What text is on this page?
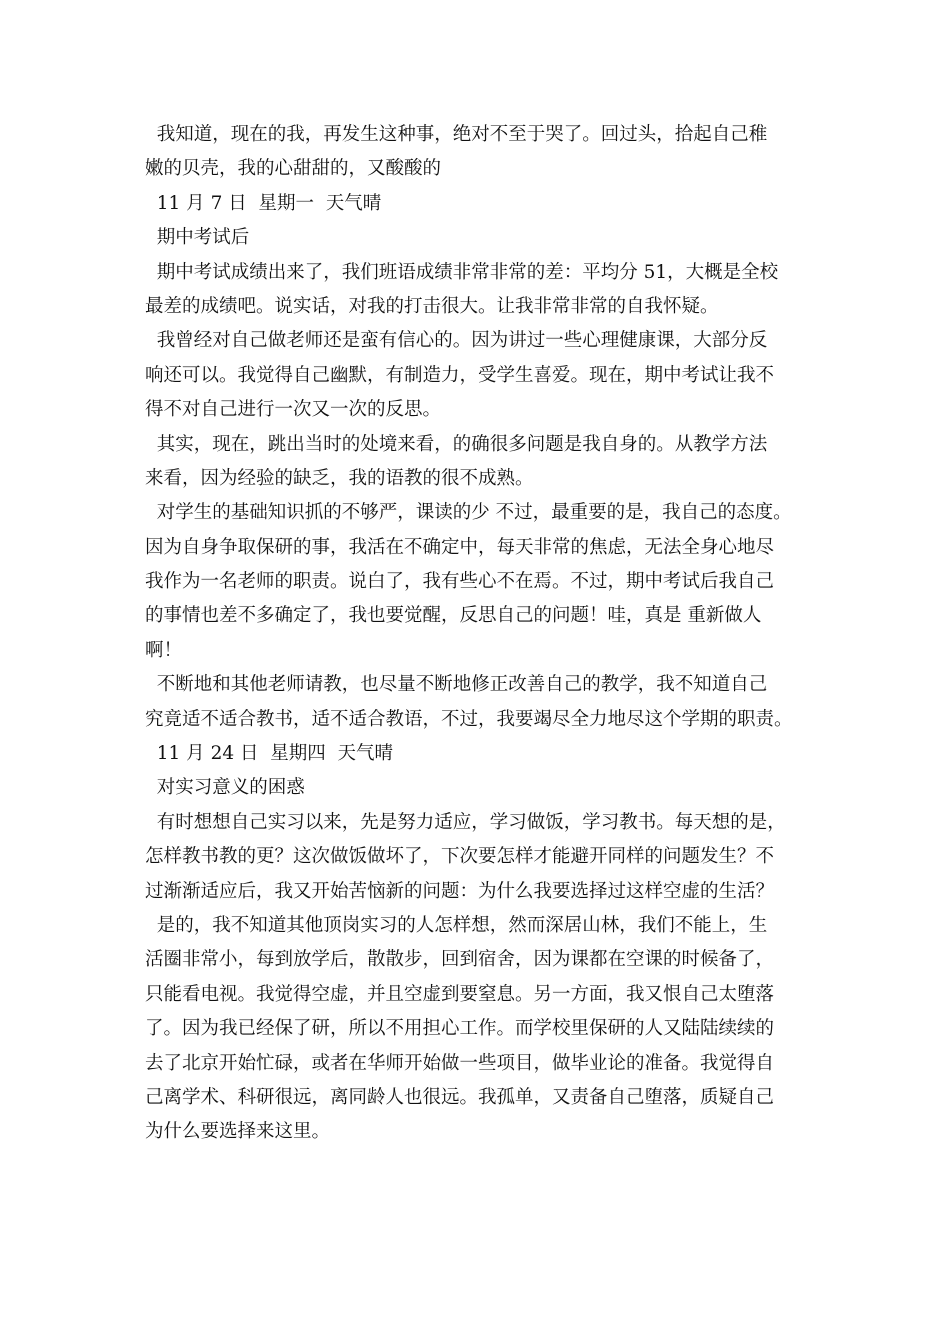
我知道，现在的我，再发生这种事，绝对不至于哭了。回过头，拾起自己稚
嫩的贝壳，我的心甜甜的，又酸酸的
11 月 7 日  星期一  天气晴
期中考试后
期中考试成绩出来了，我们班语成绩非常非常的差：平均分 51，大概是全校
最差的成绩吧。说实话，对我的打击很大。让我非常非常的自我怀疑。
我曾经对自己做老师还是蛮有信心的。因为讲过一些心理健康课，大部分反
响还可以。我觉得自己幽默，有制造力，受学生喜爱。现在，期中考试让我不
得不对自己进行一次又一次的反思。
其实，现在，跳出当时的处境来看，的确很多问题是我自身的。从教学方法
来看，因为经验的缺乏，我的语教的很不成熟。
对学生的基础知识抓的不够严，课读的少 不过，最重要的是，我自己的态度。
因为自身争取保研的事，我活在不确定中，每天非常的焦虑，无法全身心地尽
我作为一名老师的职责。说白了，我有些心不在焉。不过，期中考试后我自己
的事情也差不多确定了，我也要觉醒，反思自己的问题！哇，真是 重新做人
啊！
不断地和其他老师请教，也尽量不断地修正改善自己的教学，我不知道自己
究竟适不适合教书，适不适合教语，不过，我要竭尽全力地尽这个学期的职责。
11 月 24 日  星期四  天气晴
对实习意义的困惑
有时想想自己实习以来，先是努力适应，学习做饭，学习教书。每天想的是，
怎样教书教的更？这次做饭做坏了，下次要怎样才能避开同样的问题发生？不
过渐渐适应后，我又开始苦恼新的问题：为什么我要选择过这样空虚的生活？
是的，我不知道其他顶岗实习的人怎样想，然而深居山林，我们不能上，生
活圈非常小，每到放学后，散散步，回到宿舍，因为课都在空课的时候备了，
只能看电视。我觉得空虚，并且空虚到要窒息。另一方面，我又恨自己太堕落
了。因为我已经保了研，所以不用担心工作。而学校里保研的人又陆陆续续的
去了北京开始忙碌，或者在华师开始做一些项目，做毕业论的准备。我觉得自
己离学术、科研很远，离同龄人也很远。我孤单，又责备自己堕落，质疑自己
为什么要选择来这里。
